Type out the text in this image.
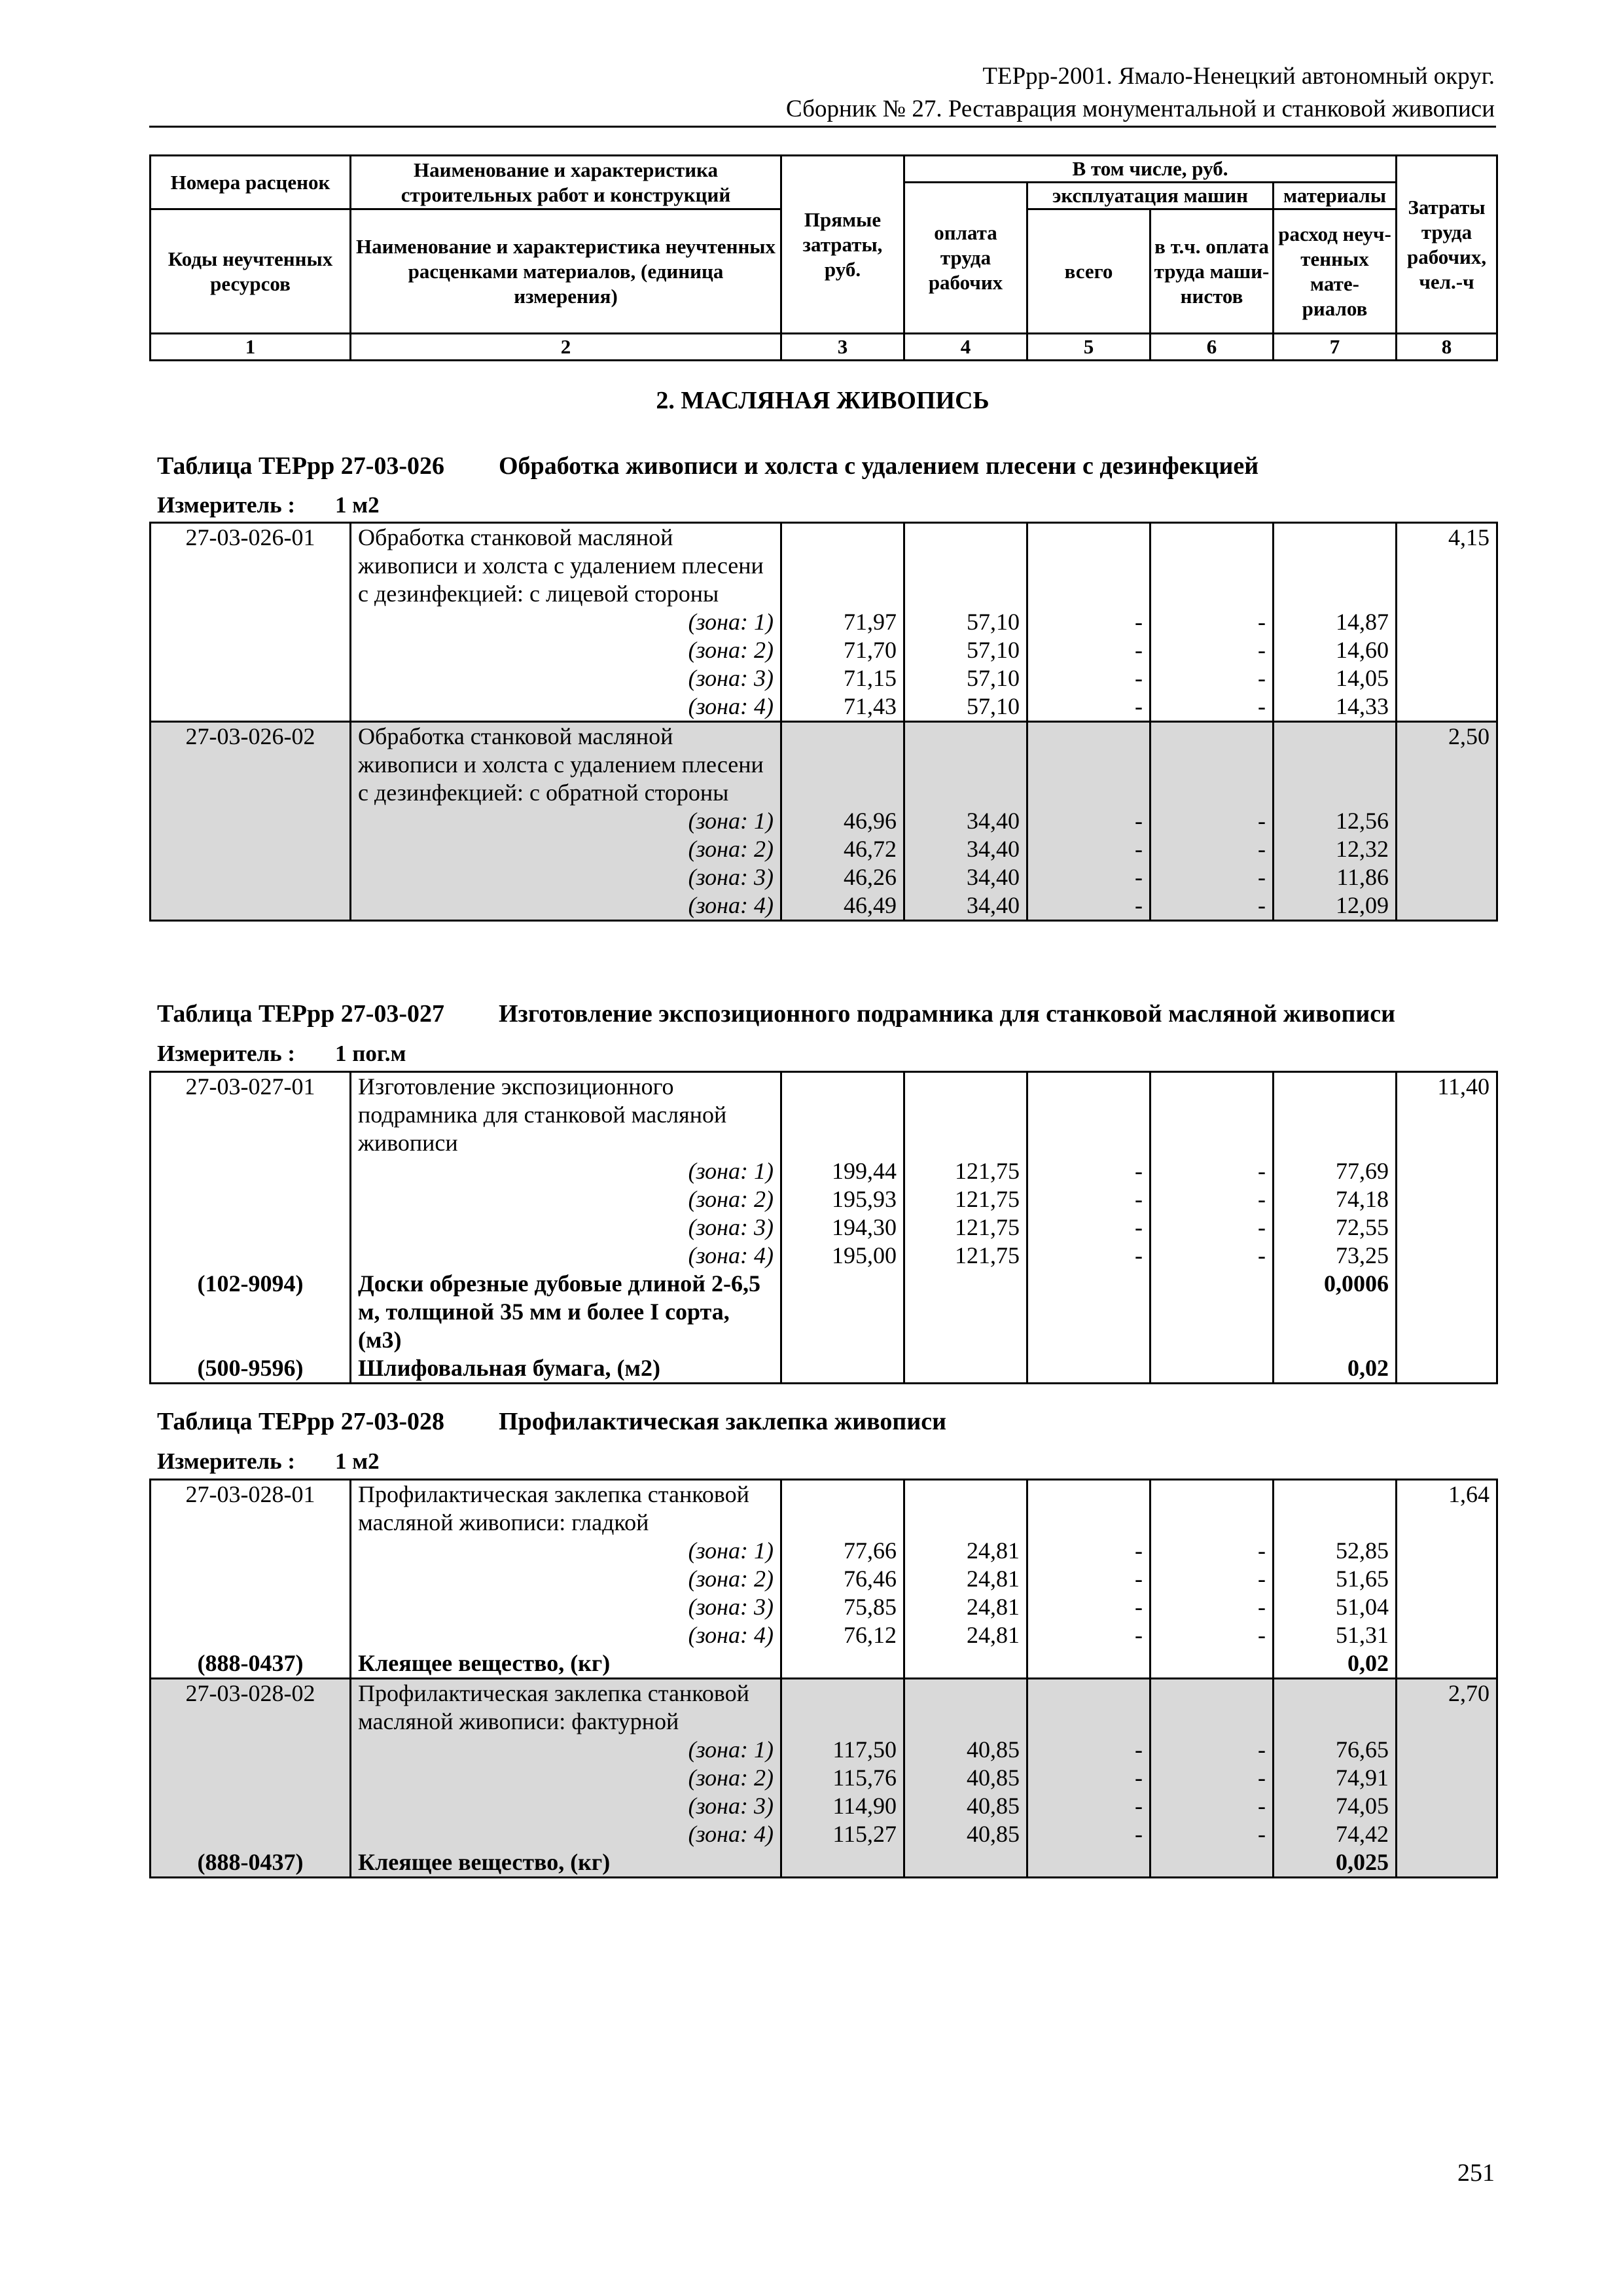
ТЕРрр-2001. Ямало-Ненецкий автономный округ.
Сборник № 27. Реставрация монументальной и станковой живописи
Номера расценок	Наименование и характеристика строительных работ и конструкций	Прямые затраты, руб.	В том числе, руб.				Затраты труда рабочих, чел.-ч
			оплата труда рабочих	эксплуатация машин		материалы	
Коды неучтенных ресурсов	Наименование и характеристика неучтенных расценками материалов, (единица измерения)			всего	в т.ч. оплата труда маши- нистов	расход неуч- тенных мате- риалов	

1	2	3	4	5	6	7	8
2. МАСЛЯНАЯ ЖИВОПИСЬ
Таблица ТЕРрр 27-03-026 Обработка живописи и холста с удалением плесени с дезинфекцией
Измеритель : 1 м2
27-03-026-01	Обработка станковой масляной живописи и холста с удалением плесени с дезинфекцией: с лицевой стороны						4,15
	(зона: 1)	71,97	57,10	-	-	14,87	
	(зона: 2)	71,70	57,10	-	-	14,60	
	(зона: 3)	71,15	57,10	-	-	14,05	
	(зона: 4)	71,43	57,10	-	-	14,33	
27-03-026-02	Обработка станковой масляной живописи и холста с удалением плесени с дезинфекцией: с обратной стороны						2,50
	(зона: 1)	46,96	34,40	-	-	12,56	
	(зона: 2)	46,72	34,40	-	-	12,32	
	(зона: 3)	46,26	34,40	-	-	11,86	
	(зона: 4)	46,49	34,40	-	-	12,09	
Таблица ТЕРрр 27-03-027 Изготовление экспозиционного подрамника для станковой масляной живописи
Измеритель : 1 пог.м
27-03-027-01	Изготовление экспозиционного подрамника для станковой масляной живописи						11,40
	(зона: 1)	199,44	121,75	-	-	77,69	
	(зона: 2)	195,93	121,75	-	-	74,18	
	(зона: 3)	194,30	121,75	-	-	72,55	
	(зона: 4)	195,00	121,75	-	-	73,25	
(102-9094)	Доски обрезные дубовые длиной 2-6,5 м, толщиной 35 мм и более I сорта, (м3)					0,0006	
(500-9596)	Шлифовальная бумага, (м2)					0,02	
Таблица ТЕРрр 27-03-028 Профилактическая заклепка живописи
Измеритель : 1 м2
27-03-028-01	Профилактическая заклепка станковой масляной живописи: гладкой						1,64
	(зона: 1)	77,66	24,81	-	-	52,85	
	(зона: 2)	76,46	24,81	-	-	51,65	
	(зона: 3)	75,85	24,81	-	-	51,04	
	(зона: 4)	76,12	24,81	-	-	51,31	
(888-0437)	Клеящее вещество, (кг)					0,02	
27-03-028-02	Профилактическая заклепка станковой масляной живописи: фактурной						2,70
	(зона: 1)	117,50	40,85	-	-	76,65	
	(зона: 2)	115,76	40,85	-	-	74,91	
	(зона: 3)	114,90	40,85	-	-	74,05	
	(зона: 4)	115,27	40,85	-	-	74,42	
(888-0437)	Клеящее вещество, (кг)					0,025	
251
